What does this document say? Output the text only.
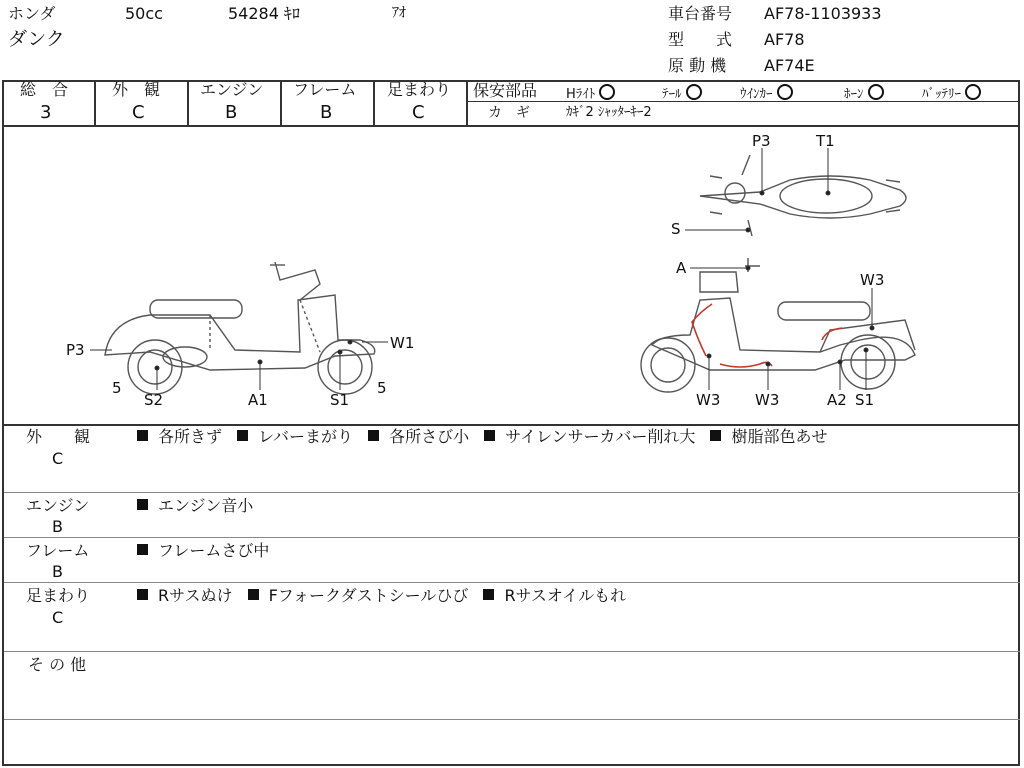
ホンダ	50cc	54284 ｷﾛ	ｱｵ
ダンク
車台番号 AF78-1103933
型　　式 AF78
原 動 機 AF74E
総　合
3
外　観
C
エンジン
B
フレーム
B
足まわり
C
保安部品 Hﾗｲﾄ	ﾃｰﾙ	ｳｲﾝｶｰ	ﾎｰﾝ	ﾊﾞｯﾃﾘｰ
カ　ギ	ｶｷﾞ2 ｼｬｯﾀｰｷｰ2
P3	W1
5	5
S2	A1	S1
P3	T1
S
A
W3
W3 W3	A2 S1
外　　観
C
各所きず レバーまがり 各所さび小 サイレンサーカバー削れ大 樹脂部色あせ
エンジン
B
エンジン音小
フレーム
B
フレームさび中
足まわり
C
Rサスぬけ Fフォークダストシールひび Rサスオイルもれ
そ の 他
